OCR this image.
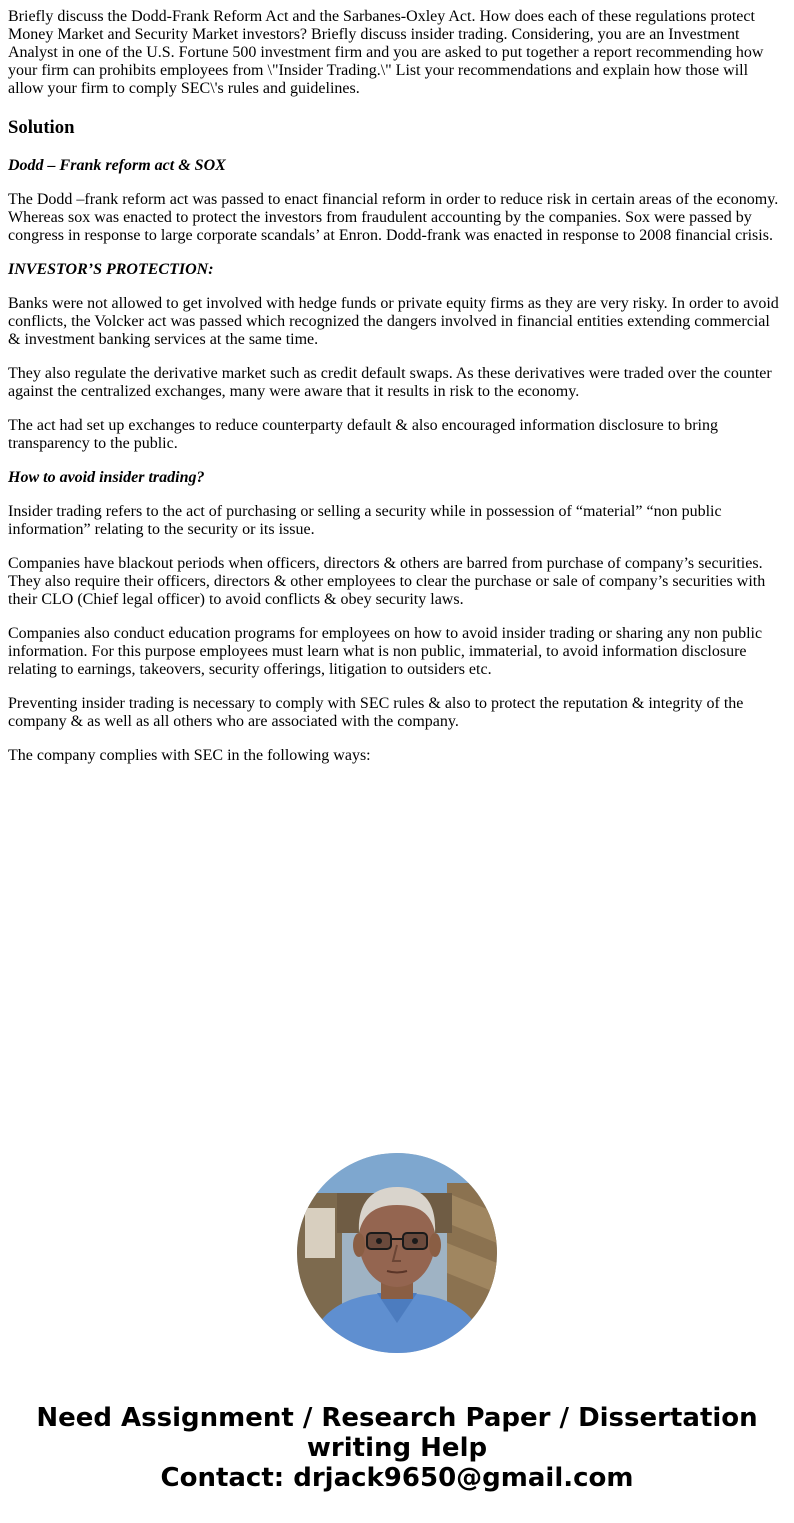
Briefly discuss the Dodd-Frank Reform Act and the Sarbanes-Oxley Act. How does each of these regulations protect Money Market and Security Market investors? Briefly discuss insider trading. Considering, you are an Investment Analyst in one of the U.S. Fortune 500 investment firm and you are asked to put together a report recommending how your firm can prohibits employees from \"Insider Trading.\" List your recommendations and explain how those will allow your firm to comply SEC\'s rules and guidelines.

Solution

Dodd – Frank reform act & SOX

The Dodd –frank reform act was passed to enact financial reform in order to reduce risk in certain areas of the economy. Whereas sox was enacted to protect the investors from fraudulent accounting by the companies. Sox were passed by congress in response to large corporate scandals’ at Enron. Dodd-frank was enacted in response to 2008 financial crisis.

INVESTOR’S PROTECTION:

Banks were not allowed to get involved with hedge funds or private equity firms as they are very risky. In order to avoid conflicts, the Volcker act was passed which recognized the dangers involved in financial entities extending commercial & investment banking services at the same time.

They also regulate the derivative market such as credit default swaps. As these derivatives were traded over the counter against the centralized exchanges, many were aware that it results in risk to the economy.

The act had set up exchanges to reduce counterparty default & also encouraged information disclosure to bring transparency to the public.

How to avoid insider trading?

Insider trading refers to the act of purchasing or selling a security while in possession of “material” “non public information” relating to the security or its issue.

Companies have blackout periods when officers, directors & others are barred from purchase of company’s securities. They also require their officers, directors & other employees to clear the purchase or sale of company’s securities with their CLO (Chief legal officer) to avoid conflicts & obey security laws.

Companies also conduct education programs for employees on how to avoid insider trading or sharing any non public information. For this purpose employees must learn what is non public, immaterial, to avoid information disclosure relating to earnings, takeovers, security offerings, litigation to outsiders etc.

Preventing insider trading is necessary to comply with SEC rules & also to protect the reputation & integrity of the company & as well as all others who are associated with the company.

The company complies with SEC in the following ways:

Need Assignment / Research Paper / Dissertation
writing Help
Contact: drjack9650@gmail.com
